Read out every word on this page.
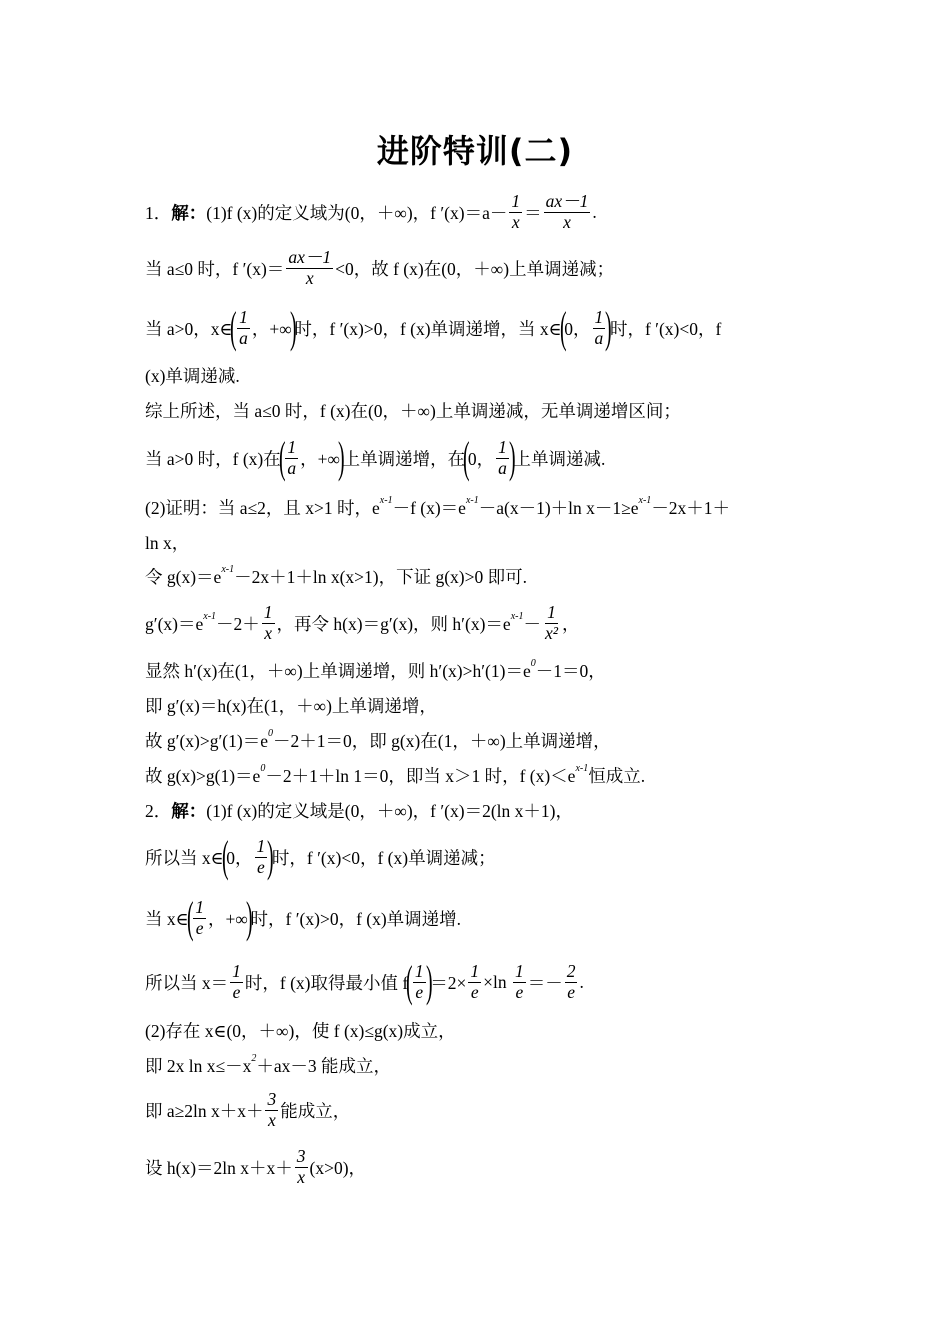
进阶特训(二)
1． 解： (1)f (x)的定义域为(0，＋∞)，f $'(x)=a- \frac{1}{x} = \frac{ax-1}{x}$ .
当 a≤0 时，f $'(x)= \frac{ax-1}{x} <0$，故 f (x)在(0，＋∞)上单调递减；
当 a>0，x∈
( $\frac{1}{a}$ ，+∞
)
时，f ′(x)>0，f (x)单调递增，当 x∈
(
0， $\frac{1}{a}$ )
时，f ′(x)<0，f
(x)单调递减.
综上所述，当 a≤0 时，f (x)在(0，＋∞)上单调递减，无单调递增区间；
当 a>0 时，f (x)在
( $\frac{1}{a}$ ，+∞
)
上单调递增，在
(
0， $\frac{1}{a}$ )
上单调递减.
(2)证明：当 a≤2，且 x>1 时，e x-1 －f (x)＝e x-1 －a(x－1)＋ln x－1≥e x-1 －2x＋1＋
ln x，
令 g(x)＝e x-1 －2x＋1＋ln x(x>1)，下证 g(x)>0 即可.
g′(x)＝e $x-1 -2+ \frac{1}{x}$ ，再令 h(x)＝g′(x)，则 h′(x)＝e $x-1 - \frac{1}{\text{x²}}$ ，
显然 h′(x)在(1，＋∞)上单调递增，则 h′(x)>h′(1)＝e 0 －1＝0，
即 g′(x)＝h(x)在(1，＋∞)上单调递增，
故 g′(x)>g′(1)＝e 0 －2＋1＝0，即 g(x)在(1，＋∞)上单调递增，
故 g(x)>g(1)＝e 0 －2＋1＋ln 1＝0，即当 x＞1 时，f (x)＜e x-1 恒成立.
2． 解： (1)f (x)的定义域是(0，＋∞)，f ′(x)＝2(ln x＋1)，
所以当 x∈
(
0， $\frac{1}{e}$ )
时，f ′(x)<0，f (x)单调递减；
当 x∈
( $\frac{1}{e}$ ，+∞
)
时，f ′(x)>0，f (x)单调递增.
所以当 $x= \frac{1}{e}$ 时，f (x)取得最小值 f
( $\frac{1}{e}$ )
$=2\times \frac{1}{e} \times\ln \frac{1}{e} =- \frac{2}{e}$ .
(2)存在 x∈(0，＋∞)，使 f (x)≤g(x)成立，
即 2x ln x≤－x 2 ＋ax－3 能成立，
即 a≥2ln $x+x+ \frac{3}{x}$ 能成立，
设 h(x)＝2ln $x+x+ \frac{3}{x} (x>0)$，
